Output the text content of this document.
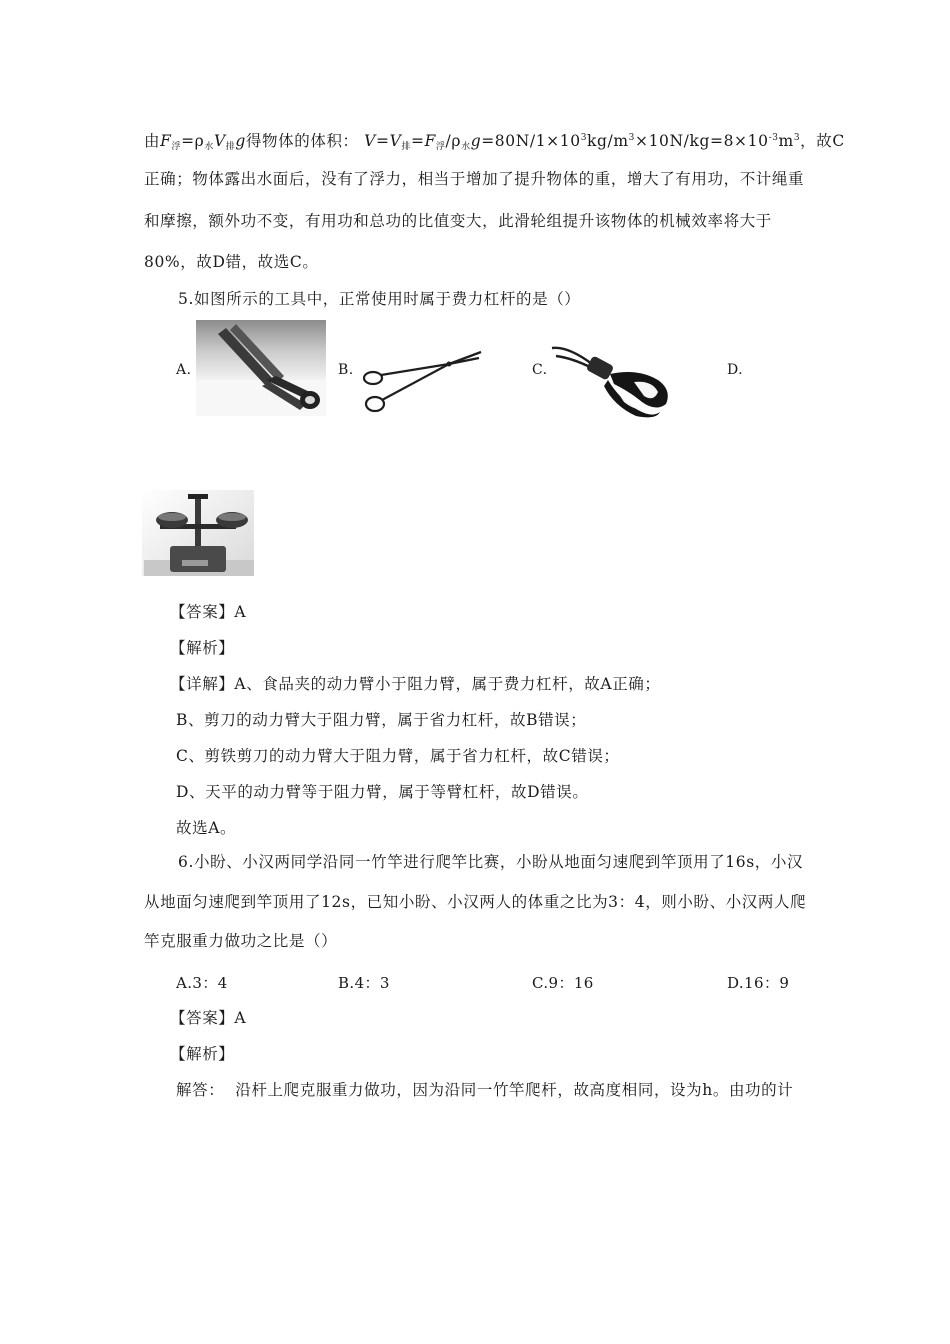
由$F_浮=\rho_水V_排g$得物体的体积： $V=V_排=F_浮/\rho_水g=80N/1\times 10^3kg/m^3\times 10N/kg=8\times 10^{-3}m^3$，故C
正确；物体露出水面后，没有了浮力，相当于增加了提升物体的重，增大了有用功，不计绳重
和摩擦，额外功不变，有用功和总功的比值变大，此滑轮组提升该物体的机械效率将大于
80%，故D错，故选C。
5.如图所示的工具中，正常使用时属于费力杠杆的是（）
A.	B.	C.	D.
【答案】A
【解析】
【详解】A、食品夹的动力臂小于阻力臂，属于费力杠杆，故A正确；
B、剪刀的动力臂大于阻力臂，属于省力杠杆，故B错误；
C、剪铁剪刀的动力臂大于阻力臂，属于省力杠杆，故C错误；
D、天平的动力臂等于阻力臂，属于等臂杠杆，故D错误。
故选A。
6.小盼、小汉两同学沿同一竹竿进行爬竿比赛，小盼从地面匀速爬到竿顶用了16s，小汉
从地面匀速爬到竿顶用了12s，已知小盼、小汉两人的体重之比为3：4，则小盼、小汉两人爬
竿克服重力做功之比是（）
A.3：4	B.4：3	C.9：16	D.16：9
【答案】A
【解析】
解答：  沿杆上爬克服重力做功，因为沿同一竹竿爬杆，故高度相同，设为h。由功的计
